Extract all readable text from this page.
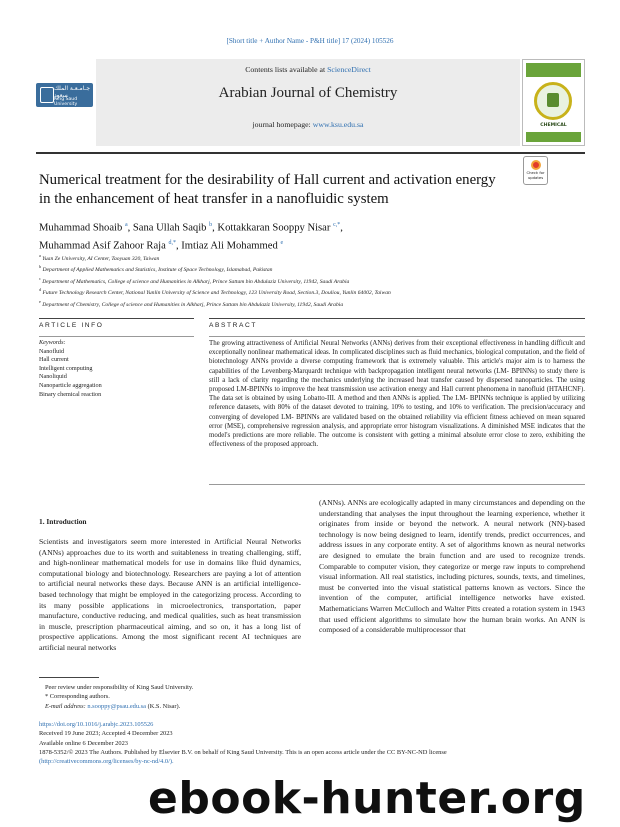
[Short title + Author Name - P&H title] 17 (2024) 105526
جـامـعـة الملك سعود
King Saud University
Contents lists available at ScienceDirect
Arabian Journal of Chemistry
journal homepage: www.ksu.edu.sa	CHEMICAL
Numerical treatment for the desirability of Hall current and activation energy in the enhancement of heat transfer in a nanofluidic system
Check for updates
Muhammad Shoaib $^a$, Sana Ullah Saqib $^b$, Kottakkaran Sooppy Nisar $^{c,*}$,
Muhammad Asif Zahoor Raja $^{d,*}$, Imtiaz Ali Mohammed $^e$
$^a$ Yuan Ze University, AI Center, Taoyuan 320, Taiwan
$^b$ Department of Applied Mathematics and Statistics, Institute of Space Technology, Islamabad, Pakistan
$^c$ Department of Mathematics, College of science and Humanities in Alkharj, Prince Sattam bin Abdulaziz University, 11942, Saudi Arabia
$^d$ Future Technology Research Center, National Yunlin University of Science and Technology, 123 University Road, Section.3, Douliou, Yunlin 64002, Taiwan
$^e$ Department of Chemistry, College of science and Humanities in Alkharj, Prince Sattam bin Abdulaziz University, 11942, Saudi Arabia
ARTICLE INFO	ABSTRACT
Keywords:
Nanofluid
Hall current
Intelligent computing
Nanoliquid
Nanoparticle aggregation
Binary chemical reaction
The growing attractiveness of Artificial Neural Networks (ANNs) derives from their exceptional effectiveness in handling difficult and exceptionally nonlinear mathematical ideas. In complicated disciplines such as fluid mechanics, biological computation, and the field of biotechnology ANNs provide a diverse computing framework that is extremely valuable. This article's major aim is to harness the capabilities of the Levenberg-Marquardt technique with backpropagation intelligent neural networks (LM- BPINNs) to study there is still a lack of clarity regarding the mechanics underlying the increased heat transfer caused by dispersed nanoparticles. The using proposed LM-BPINNs to improve the heat transmission use activation energy and Hall current phenomena in nanofluid (HTAHCNF). The data set is obtained by using Lobatto-III. A method and then ANNs is applied. The LM- BPINNs technique is applied by utilizing reference datasets, with 80% of the dataset devoted to training, 10% to testing, and 10% to verification. The precision/accuracy and converging of developed LM- BPINNs are validated based on the obtained reliability via efficient fitness achieved on mean squared error (MSE), comprehensive regression analysis, and appropriate error histogram visualizations. A diminished MSE indicates that the model's predictions are more reliable. The outcome is consistent with getting a minimal absolute error close to zero, exhibiting the effectiveness of the proposed approach.
1. Introduction
Scientists and investigators seem more interested in Artificial Neural Networks (ANNs) approaches due to its worth and suitableness in treating challenging, stiff, and high-nonlinear mathematical models for use in domains like fluid dynamics, computational biology and biotechnology. Researchers are paying a lot of attention to artificial neural networks these days. Because ANN is an artificial intelligence-based technology that might be employed in the categorizing process. According to its many possible applications in microelectronics, transportation, paper manufacture, conductive reducing, and medical qualities, such as heat transmission in muscle, prescription pharmaceutical aiming, and so on, it has a long list of prospective applications. Among the most significant recent AI techniques are artificial neural networks
(ANNs). ANNs are ecologically adapted in many circumstances and depending on the understanding that analyses the input throughout the learning experience, whether it originates from inside or beyond the network. A neural network (NN)-based technology is now being designed to learn, identify trends, predict occurrences, and address issues in any corporate entity. A set of algorithms known as neural networks are designed to emulate the brain function and are used to recognize trends. Comparable to computer vision, they categorize or merge raw inputs to comprehend visual information. All real statistics, including pictures, sounds, texts, and timelines, must be converted into the visual statistical patterns known as vectors. Since the invention of the computer, artificial intelligence networks have existed. Mathematicians Warren McCulloch and Walter Pitts created a rotation system in 1943 that used efficient algorithms to simulate how the human brain works. An ANN is composed of a considerable multiprocessor that
Peer review under responsibility of King Saud University.
* Corresponding authors.
E-mail address: n.sooppy@psau.edu.sa (K.S. Nisar).
https://doi.org/10.1016/j.arabjc.2023.105526
Received 19 June 2023; Accepted 4 December 2023
Available online 6 December 2023
1878-5352/© 2023 The Authors. Published by Elsevier B.V. on behalf of King Saud University. This is an open access article under the CC BY-NC-ND license
(http://creativecommons.org/licenses/by-nc-nd/4.0/).
ebook-hunter.org
